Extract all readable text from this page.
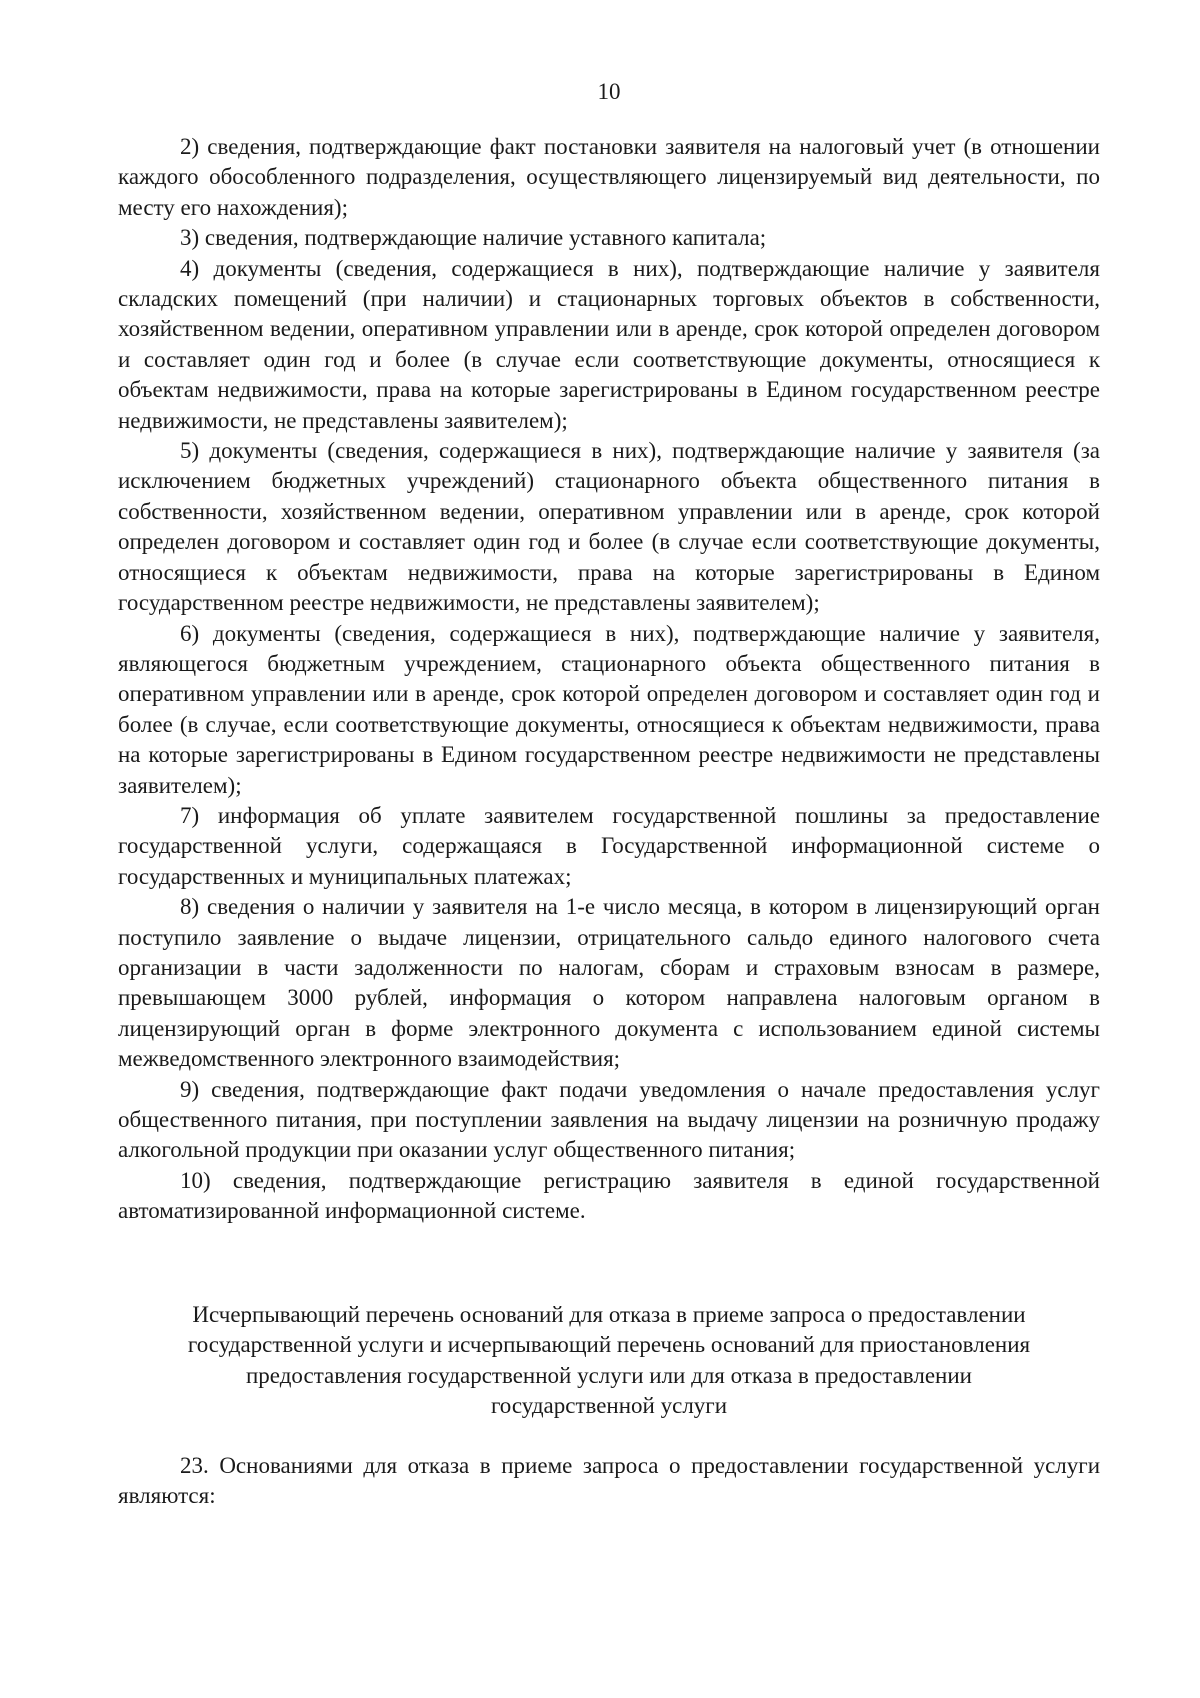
10

2) сведения, подтверждающие факт постановки заявителя на налоговый учет (в отношении каждого обособленного подразделения, осуществляющего лицензируемый вид деятельности, по месту его нахождения);

3) сведения, подтверждающие наличие уставного капитала;

4) документы (сведения, содержащиеся в них), подтверждающие наличие у заявителя складских помещений (при наличии) и стационарных торговых объектов в собственности, хозяйственном ведении, оперативном управлении или в аренде, срок которой определен договором и составляет один год и более (в случае если соответствующие документы, относящиеся к объектам недвижимости, права на которые зарегистрированы в Едином государственном реестре недвижимости, не представлены заявителем);

5) документы (сведения, содержащиеся в них), подтверждающие наличие у заявителя (за исключением бюджетных учреждений) стационарного объекта общественного питания в собственности, хозяйственном ведении, оперативном управлении или в аренде, срок которой определен договором и составляет один год и более (в случае если соответствующие документы, относящиеся к объектам недвижимости, права на которые зарегистрированы в Едином государственном реестре недвижимости, не представлены заявителем);

6) документы (сведения, содержащиеся в них), подтверждающие наличие у заявителя, являющегося бюджетным учреждением, стационарного объекта общественного питания в оперативном управлении или в аренде, срок которой определен договором и составляет один год и более (в случае, если соответствующие документы, относящиеся к объектам недвижимости, права на которые зарегистрированы в Едином государственном реестре недвижимости не представлены заявителем);

7) информация об уплате заявителем государственной пошлины за предоставление государственной услуги, содержащаяся в Государственной информационной системе о государственных и муниципальных платежах;

8) сведения о наличии у заявителя на 1-е число месяца, в котором в лицензирующий орган поступило заявление о выдаче лицензии, отрицательного сальдо единого налогового счета организации в части задолженности по налогам, сборам и страховым взносам в размере, превышающем 3000 рублей, информация о котором направлена налоговым органом в лицензирующий орган в форме электронного документа с использованием единой системы межведомственного электронного взаимодействия;

9) сведения, подтверждающие факт подачи уведомления о начале предоставления услуг общественного питания, при поступлении заявления на выдачу лицензии на розничную продажу алкогольной продукции при оказании услуг общественного питания;

10) сведения, подтверждающие регистрацию заявителя в единой государственной автоматизированной информационной системе.

Исчерпывающий перечень оснований для отказа в приеме запроса о предоставлении
государственной услуги и исчерпывающий перечень оснований для приостановления
предоставления государственной услуги или для отказа в предоставлении
государственной услуги

23. Основаниями для отказа в приеме запроса о предоставлении государственной услуги являются:
